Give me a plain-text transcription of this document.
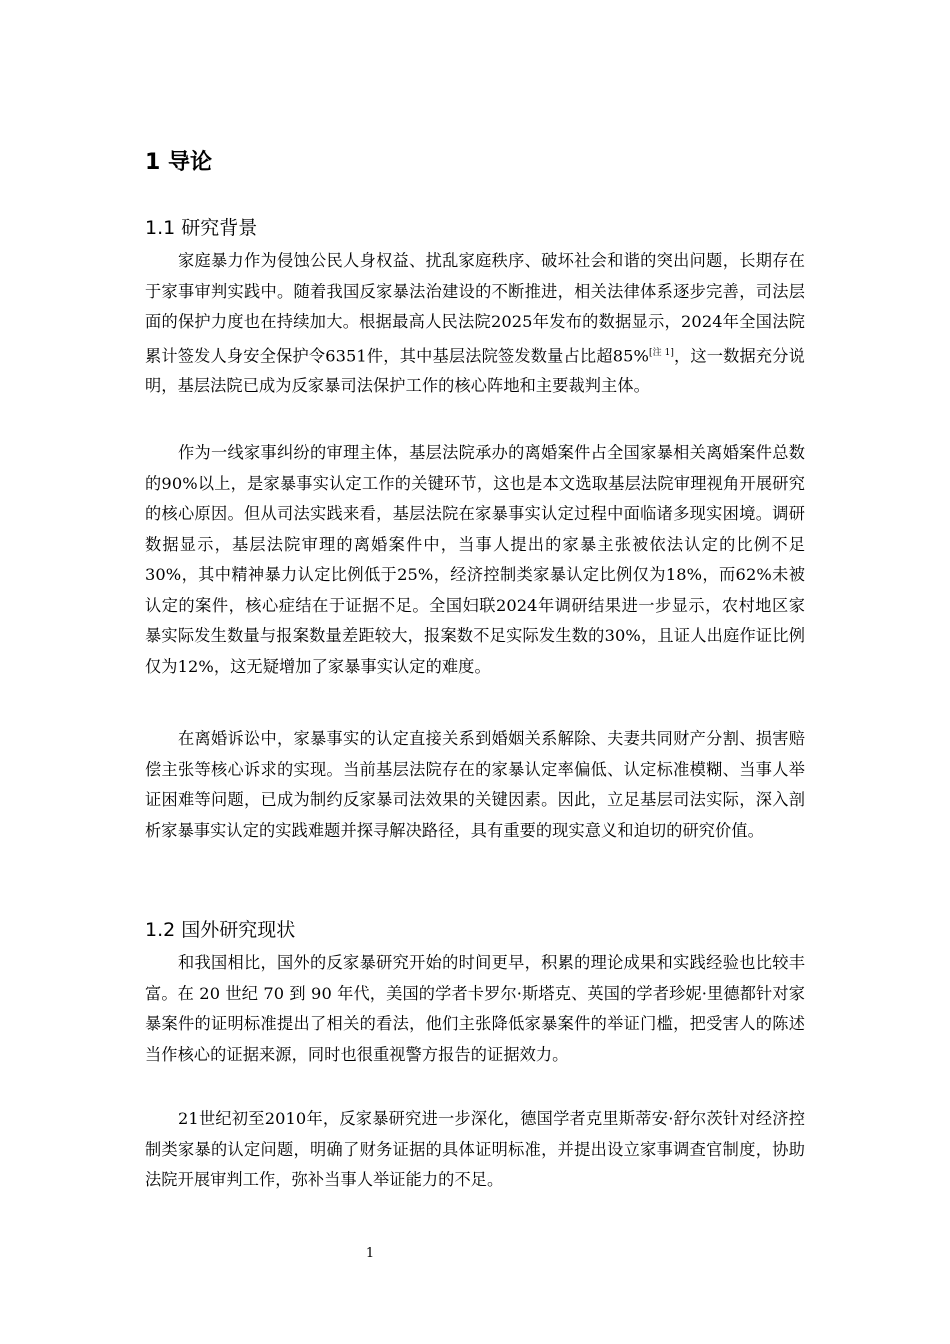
1 导论
1.1 研究背景

家庭暴力作为侵蚀公民人身权益、扰乱家庭秩序、破坏社会和谐的突出问题，长期存在于家事审判实践中。随着我国反家暴法治建设的不断推进，相关法律体系逐步完善，司法层面的保护力度也在持续加大。根据最高人民法院2025年发布的数据显示，2024年全国法院累计签发人身安全保护令6351件，其中基层法院签发数量占比超85%[注 1]，这一数据充分说明，基层法院已成为反家暴司法保护工作的核心阵地和主要裁判主体。

作为一线家事纠纷的审理主体，基层法院承办的离婚案件占全国家暴相关离婚案件总数的90%以上，是家暴事实认定工作的关键环节，这也是本文选取基层法院审理视角开展研究的核心原因。但从司法实践来看，基层法院在家暴事实认定过程中面临诸多现实困境。调研数据显示，基层法院审理的离婚案件中，当事人提出的家暴主张被依法认定的比例不足30%，其中精神暴力认定比例低于25%，经济控制类家暴认定比例仅为18%，而62%未被认定的案件，核心症结在于证据不足。全国妇联2024年调研结果进一步显示，农村地区家暴实际发生数量与报案数量差距较大，报案数不足实际发生数的30%，且证人出庭作证比例仅为12%，这无疑增加了家暴事实认定的难度。

在离婚诉讼中，家暴事实的认定直接关系到婚姻关系解除、夫妻共同财产分割、损害赔偿主张等核心诉求的实现。当前基层法院存在的家暴认定率偏低、认定标准模糊、当事人举证困难等问题，已成为制约反家暴司法效果的关键因素。因此，立足基层司法实际，深入剖析家暴事实认定的实践难题并探寻解决路径，具有重要的现实意义和迫切的研究价值。

1.2 国外研究现状

和我国相比，国外的反家暴研究开始的时间更早，积累的理论成果和实践经验也比较丰富。在 20 世纪 70 到 90 年代，美国的学者卡罗尔·斯塔克、英国的学者珍妮·里德都针对家暴案件的证明标准提出了相关的看法，他们主张降低家暴案件的举证门槛，把受害人的陈述当作核心的证据来源，同时也很重视警方报告的证据效力。

21世纪初至2010年，反家暴研究进一步深化，德国学者克里斯蒂安·舒尔茨针对经济控制类家暴的认定问题，明确了财务证据的具体证明标准，并提出设立家事调查官制度，协助法院开展审判工作，弥补当事人举证能力的不足。

1
